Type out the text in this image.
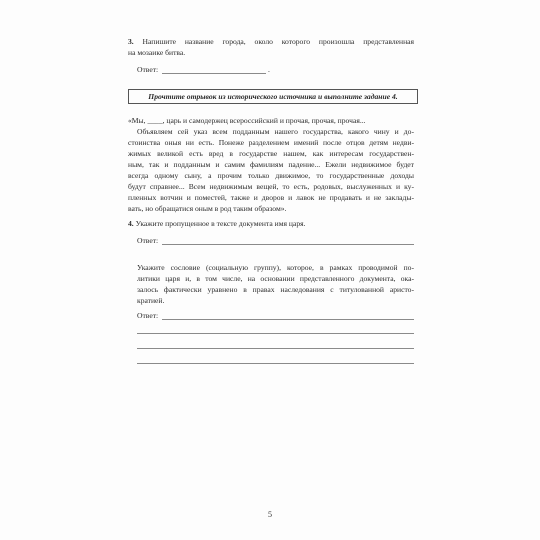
3. Напишите название города, около которого произошла представленная
на мозаике битва.
Ответ:	.
Прочтите отрывок из исторического источника и выполните задание 4.
«Мы, ____, царь и самодержец всероссийский и прочая, прочая, прочая...
Объявляем сей указ всем подданным нашего государства, какого чину и до-
стоинства оныя ни есть. Понеже разделением имений после отцов детям недви-
жимых великой есть вред в государстве нашем, как интересам государствен-
ным, так и подданным и самим фамилиям падение... Ежели недвижимое будет
всегда одному сыну, а прочим только движимое, то государственные доходы
будут справнее... Всем недвижимым вещей, то есть, родовых, выслуженных и ку-
пленных вотчин и поместей, также и дворов и лавок не продавать и не заклады-
вать, но обращатися оным в род таким образом».
4. Укажите пропущенное в тексте документа имя царя.
Ответ:
Укажите сословие (социальную группу), которое, в рамках проводимой по-
литики царя и, в том числе, на основании представленного документа, ока-
залось фактически уравнено в правах наследования с титулованной аристо-
кратией.
Ответ:
5
